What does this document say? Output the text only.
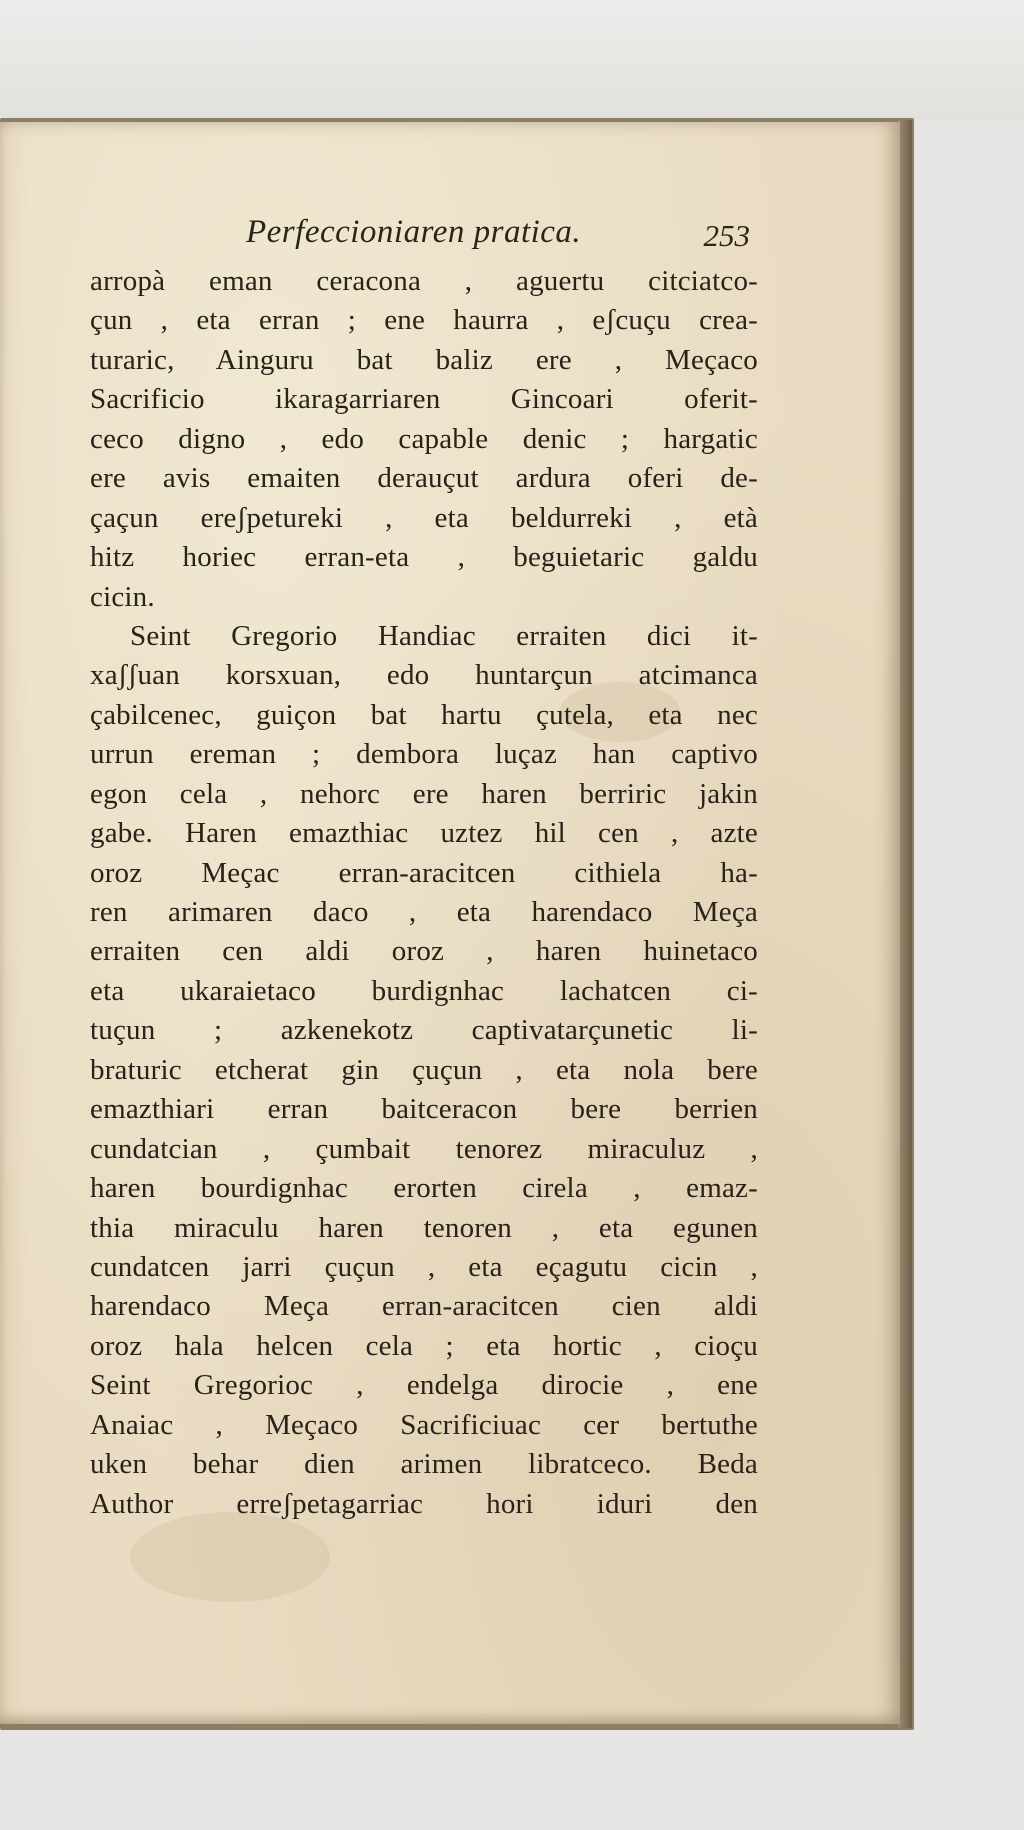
Perfeccioniaren pratica.	253
arropà eman ceracona , aguertu citciatco-
çun , eta erran ; ene haurra , eʃcuçu crea-
turaric, Ainguru bat baliz ere , Meçaco
Sacrificio ikaragarriaren Gincoari oferit-
ceco digno , edo capable denic ; hargatic
ere avis emaiten derauçut ardura oferi de-
çaçun ereʃpetureki , eta beldurreki , età
hitz horiec erran-eta , beguietaric galdu
cicin.
Seint Gregorio Handiac erraiten dici it-
xaʃʃuan korsxuan, edo huntarçun atcimanca
çabilcenec, guiçon bat hartu çutela, eta nec
urrun ereman ; dembora luçaz han captivo
egon cela , nehorc ere haren berriric jakin
gabe. Haren emazthiac uztez hil cen , azte
oroz Meçac erran-aracitcen cithiela ha-
ren arimaren daco , eta harendaco Meça
erraiten cen aldi oroz , haren huinetaco
eta ukaraietaco burdignhac lachatcen ci-
tuçun ; azkenekotz captivatarçunetic li-
braturic etcherat gin çuçun , eta nola bere
emazthiari erran baitceracon bere berrien
cundatcian , çumbait tenorez miraculuz ,
haren bourdignhac erorten cirela , emaz-
thia miraculu haren tenoren , eta egunen
cundatcen jarri çuçun , eta eçagutu cicin ,
harendaco Meça erran-aracitcen cien aldi
oroz hala helcen cela ; eta hortic , cioçu
Seint Gregorioc , endelga dirocie , ene
Anaiac , Meçaco Sacrificiuac cer bertuthe
uken behar dien arimen libratceco. Beda
Author erreʃpetagarriac hori iduri den
